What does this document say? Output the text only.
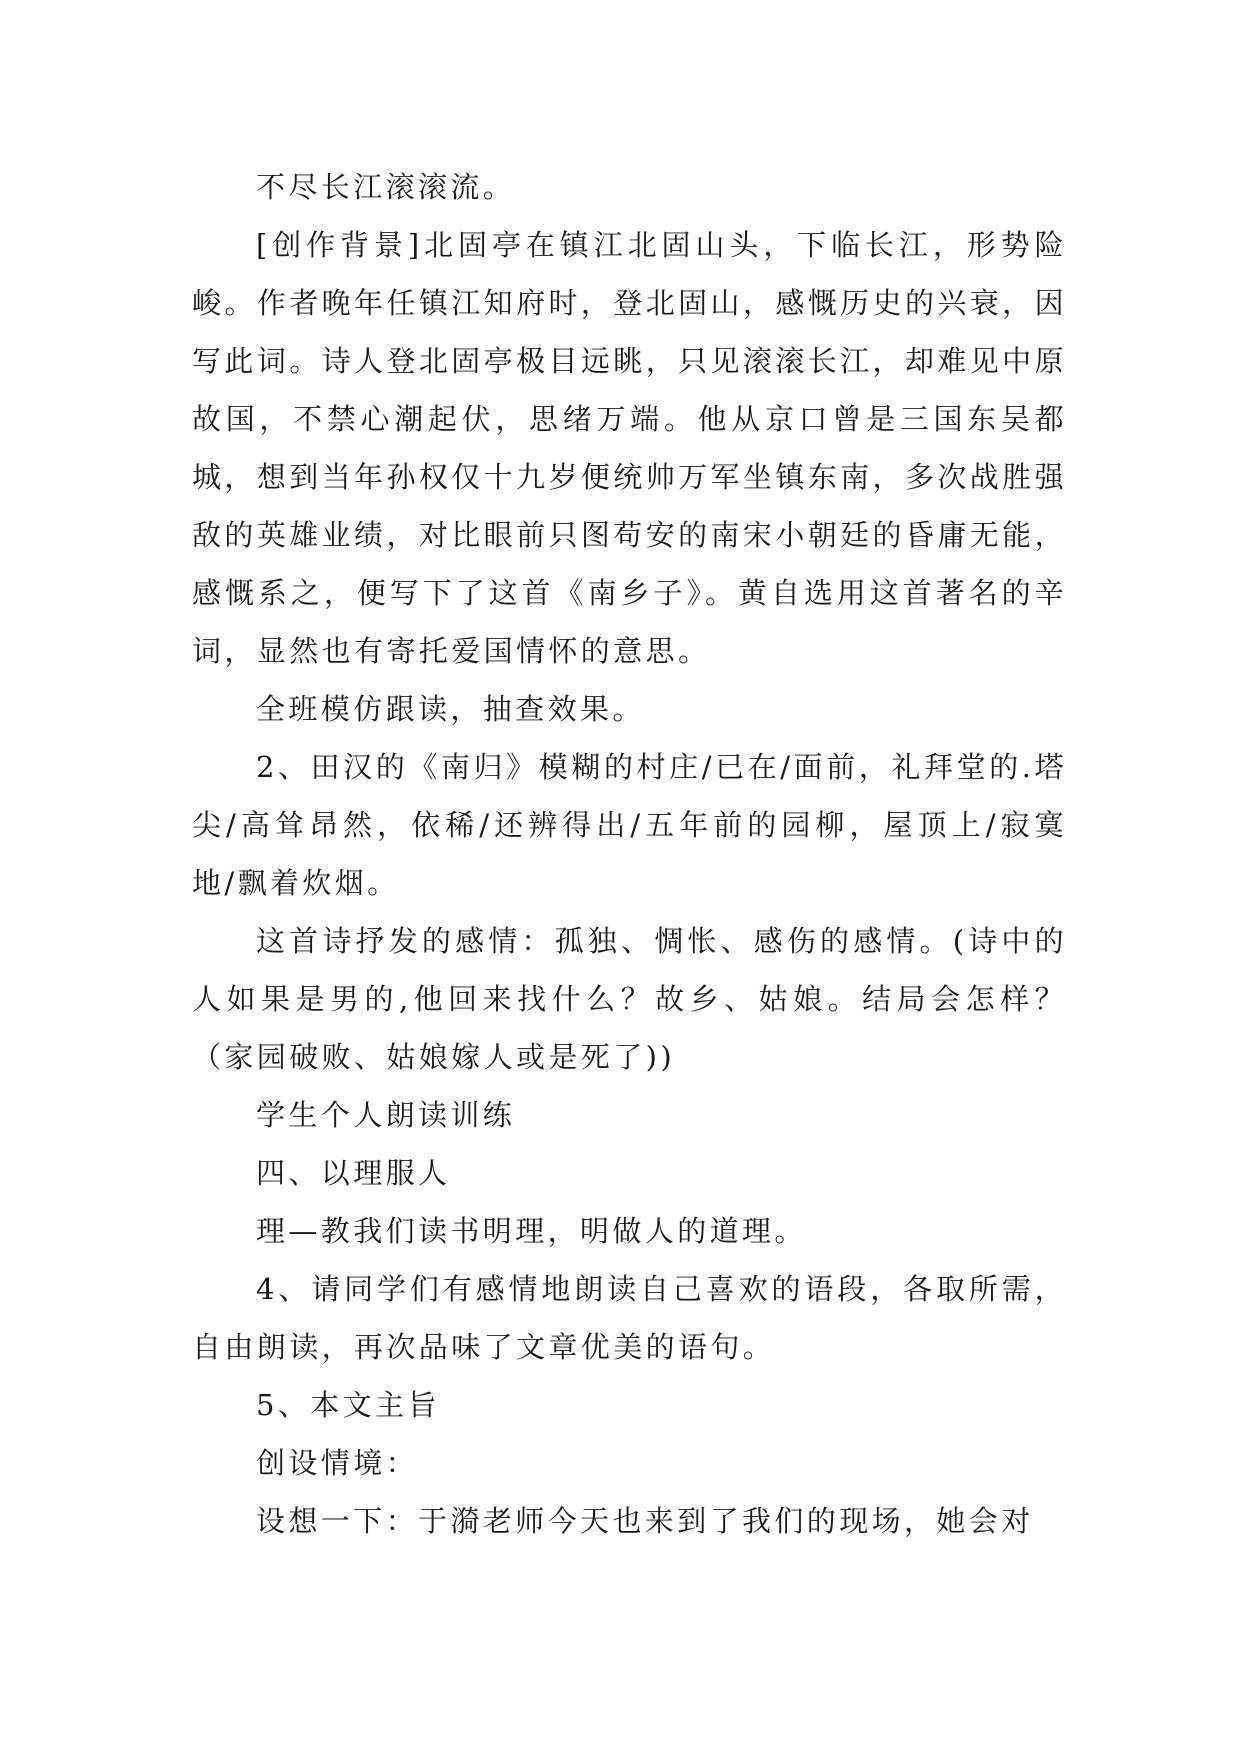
不尽长江滚滚流。

[创作背景]北固亭在镇江北固山头，下临长江，形势险峻。作者晚年任镇江知府时，登北固山，感慨历史的兴衰，因写此词。诗人登北固亭极目远眺，只见滚滚长江，却难见中原故国，不禁心潮起伏，思绪万端。他从京口曾是三国东吴都城，想到当年孙权仅十九岁便统帅万军坐镇东南，多次战胜强敌的英雄业绩，对比眼前只图苟安的南宋小朝廷的昏庸无能，感慨系之，便写下了这首《南乡子》。黄自选用这首著名的辛词，显然也有寄托爱国情怀的意思。

全班模仿跟读，抽查效果。

2、田汉的《南归》模糊的村庄/已在/面前，礼拜堂的.塔尖/高耸昂然，依稀/还辨得出/五年前的园柳，屋顶上/寂寞地/飘着炊烟。

这首诗抒发的感情：孤独、惆怅、感伤的感情。(诗中的人如果是男的,他回来找什么？故乡、姑娘。结局会怎样？（家园破败、姑娘嫁人或是死了))

学生个人朗读训练

四、以理服人

理—教我们读书明理，明做人的道理。

4、请同学们有感情地朗读自己喜欢的语段，各取所需，自由朗读，再次品味了文章优美的语句。

5、本文主旨

创设情境：

设想一下：于漪老师今天也来到了我们的现场，她会对
